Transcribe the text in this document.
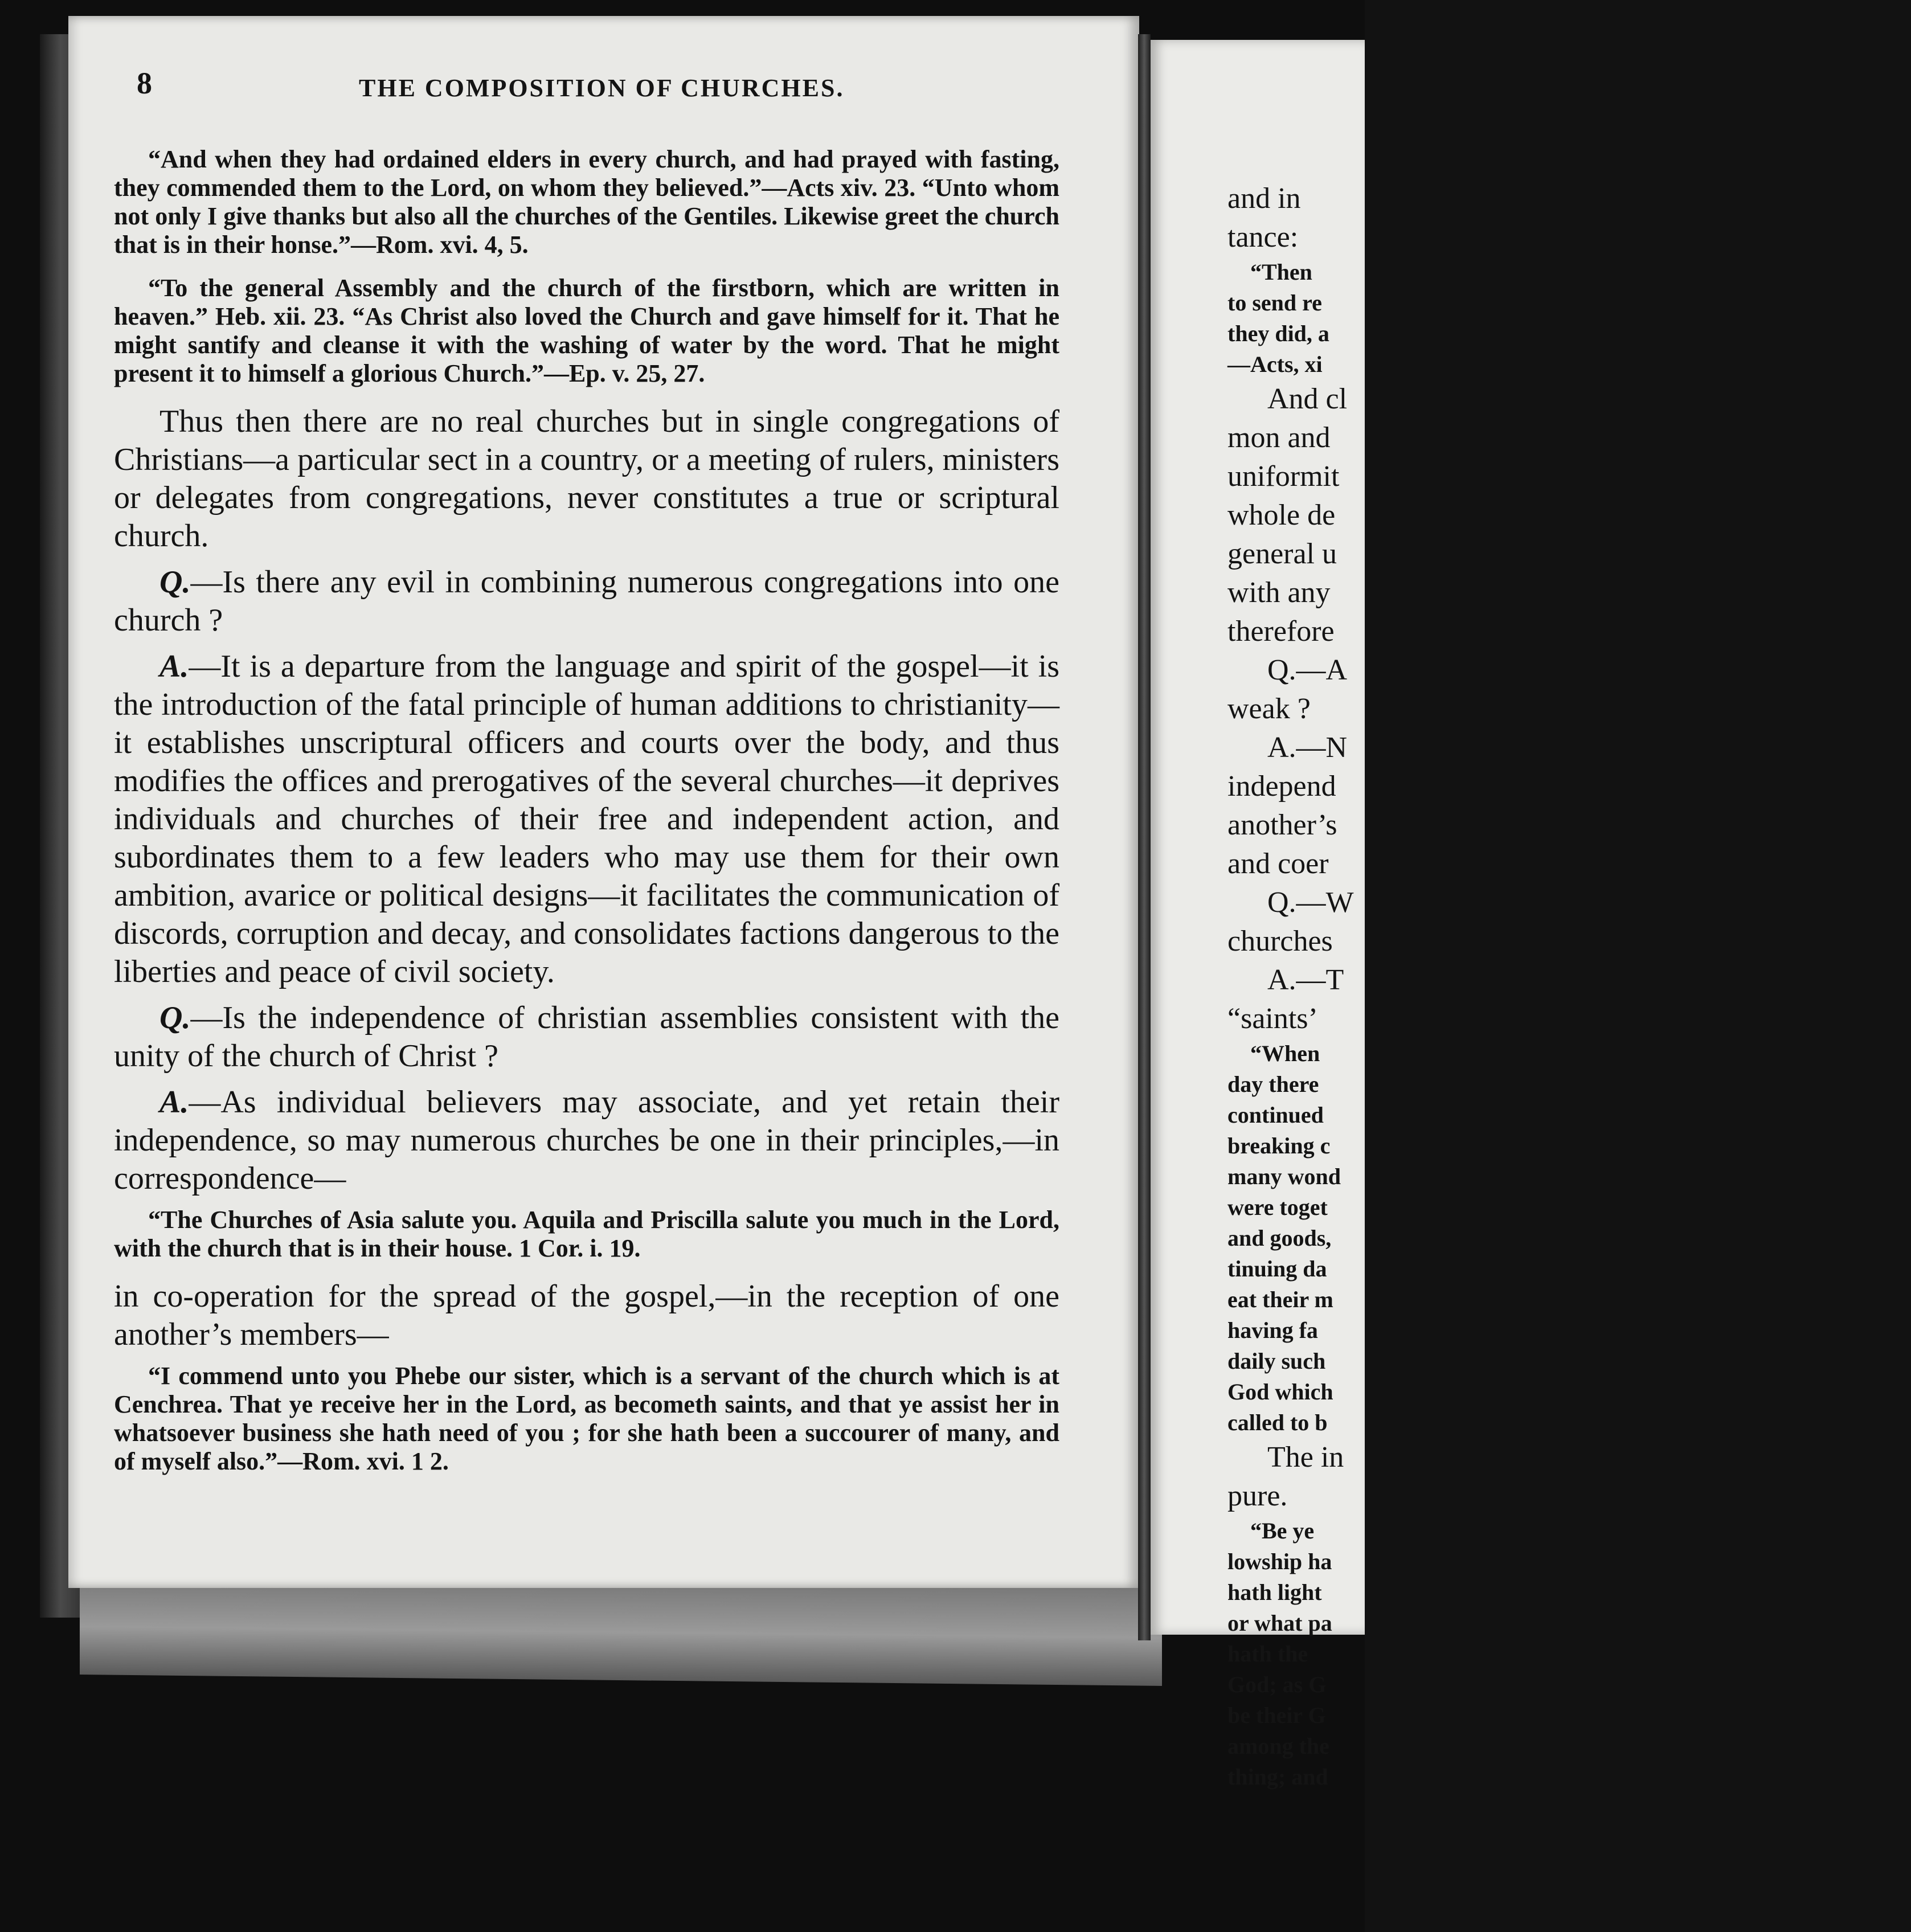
8	THE COMPOSITION OF CHURCHES.

“And when they had ordained elders in every church, and had prayed with fasting, they commended them to the Lord, on whom they believed.”—Acts xiv. 23. “Unto whom not only I give thanks but also all the churches of the Gentiles. Likewise greet the church that is in their honse.”—Rom. xvi. 4, 5.

“To the general Assembly and the church of the firstborn, which are written in heaven.” Heb. xii. 23. “As Christ also loved the Church and gave himself for it. That he might santify and cleanse it with the washing of water by the word. That he might present it to himself a glorious Church.”—Ep. v. 25, 27.

Thus then there are no real churches but in single congregations of Christians—a particular sect in a country, or a meeting of rulers, ministers or delegates from congregations, never constitutes a true or scriptural church.

Q.—Is there any evil in combining numerous congregations into one church ?

A.—It is a departure from the language and spirit of the gospel—it is the introduction of the fatal principle of human additions to christianity—it establishes unscriptural officers and courts over the body, and thus modifies the offices and prerogatives of the several churches—it deprives individuals and churches of their free and independent action, and subordinates them to a few leaders who may use them for their own ambition, avarice or political designs—it facilitates the communication of discords, corruption and decay, and consolidates factions dangerous to the liberties and peace of civil society.

Q.—Is the independence of christian assemblies consistent with the unity of the church of Christ ?

A.—As individual believers may associate, and yet retain their independence, so may numerous churches be one in their principles,—in correspondence—

“The Churches of Asia salute you. Aquila and Priscilla salute you much in the Lord, with the church that is in their house. 1 Cor. i. 19.

in co-operation for the spread of the gospel,—in the reception of one another’s members—

“I commend unto you Phebe our sister, which is a servant of the church which is at Cenchrea. That ye receive her in the Lord, as becometh saints, and that ye assist her in whatsoever business she hath need of you ; for she hath been a succourer of many, and of myself also.”—Rom. xvi. 1 2.

and in

tance:

“Then

to send re

they did, a

—Acts, xi

And cl

mon and

uniformit

whole de

general u

with any

therefore

Q.—A

weak ?

A.—N

independ

another’s

and coer

Q.—W

churches

A.—T

“saints’

“When

day there

continued

breaking c

many wond

were toget

and goods,

tinuing da

eat their m

having fa

daily such

God which

called to b

The in

pure.

“Be ye

lowship ha

hath light

or what pa

hath the

God; as G

be their G

among the

thing; and
